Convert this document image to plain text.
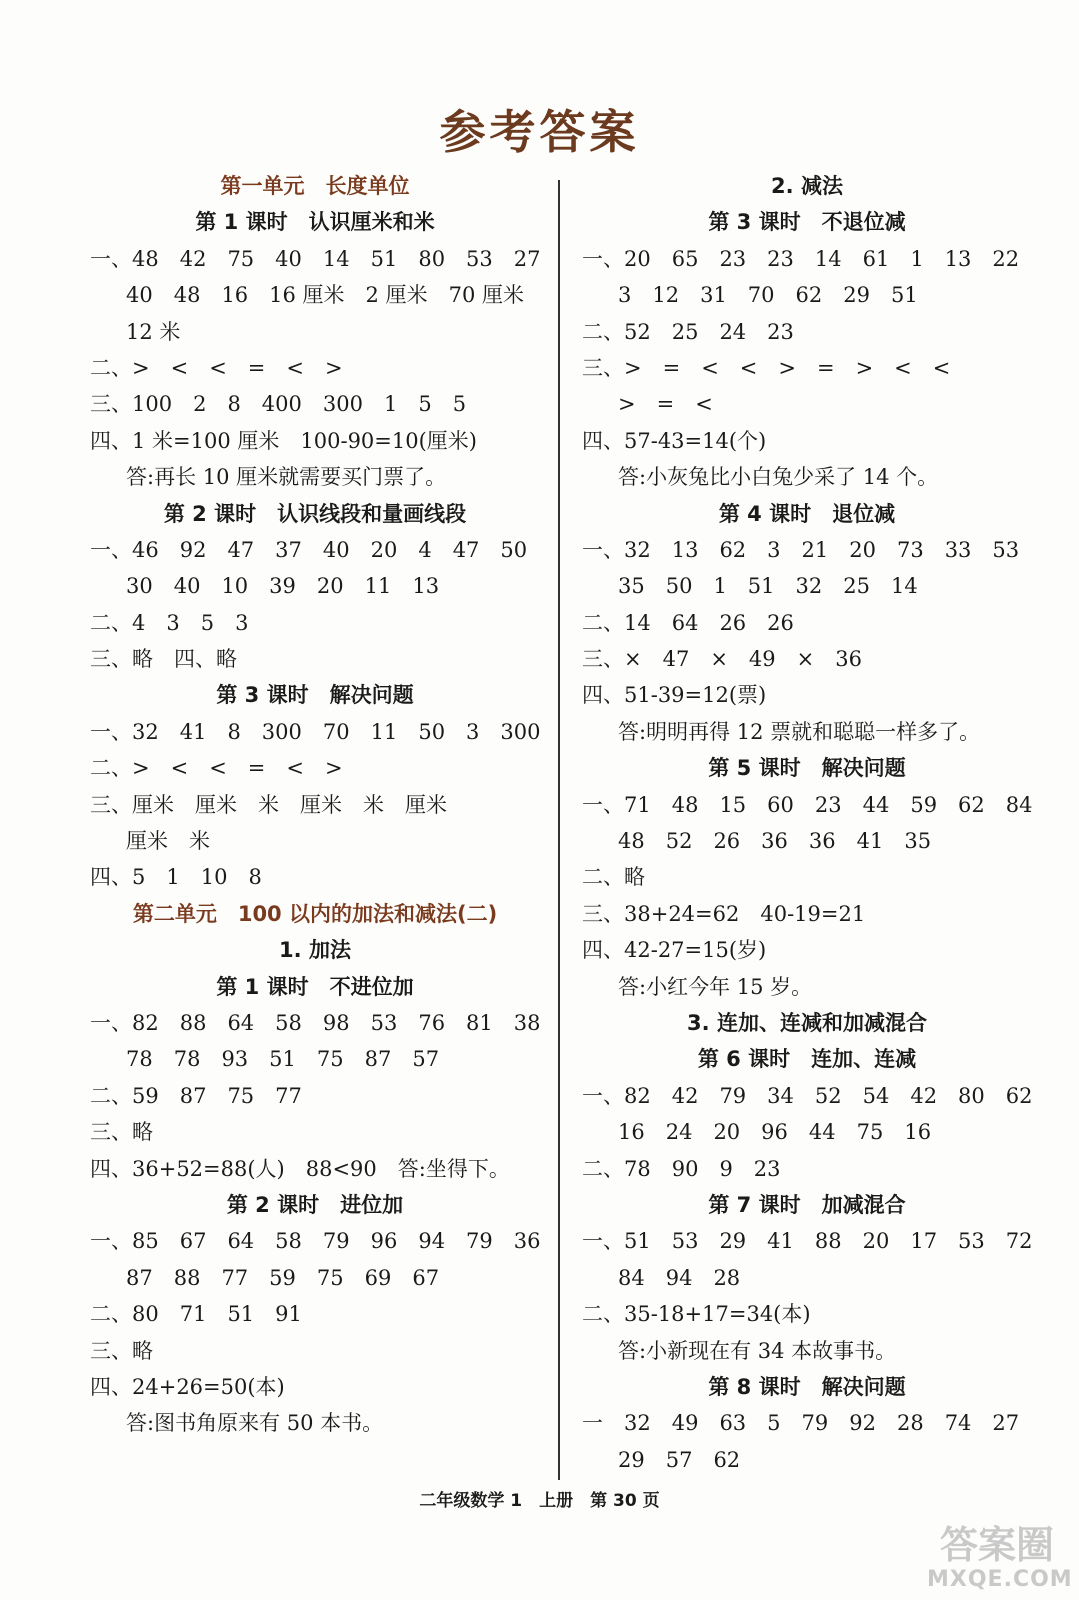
参考答案
第一单元　长度单位
第 1 课时　认识厘米和米
一、48　42　75　40　14　51　80　53　27
40　48　16　16 厘米　2 厘米　70 厘米
12 米
二、>　<　<　=　<　>
三、100　2　8　400　300　1　5　5
四、1 米=100 厘米　100-90=10(厘米)
答:再长 10 厘米就需要买门票了。
第 2 课时　认识线段和量画线段
一、46　92　47　37　40　20　4　47　50
30　40　10　39　20　11　13
二、4　3　5　3
三、略　四、略
第 3 课时　解决问题
一、32　41　8　300　70　11　50　3　300
二、>　<　<　=　<　>
三、厘米　厘米　米　厘米　米　厘米
厘米　米
四、5　1　10　8
第二单元　100 以内的加法和减法(二)
1. 加法
第 1 课时　不进位加
一、82　88　64　58　98　53　76　81　38
78　78　93　51　75　87　57
二、59　87　75　77
三、略
四、36+52=88(人)　88<90　答:坐得下。
第 2 课时　进位加
一、85　67　64　58　79　96　94　79　36
87　88　77　59　75　69　67
二、80　71　51　91
三、略
四、24+26=50(本)
答:图书角原来有 50 本书。
2. 减法
第 3 课时　不退位减
一、20　65　23　23　14　61　1　13　22
3　12　31　70　62　29　51
二、52　25　24　23
三、>　=　<　<　>　=　>　<　<
>　=　<
四、57-43=14(个)
答:小灰兔比小白兔少采了 14 个。
第 4 课时　退位减
一、32　13　62　3　21　20　73　33　53
35　50　1　51　32　25　14
二、14　64　26　26
三、×　47　×　49　×　36
四、51-39=12(票)
答:明明再得 12 票就和聪聪一样多了。
第 5 课时　解决问题
一、71　48　15　60　23　44　59　62　84
48　52　26　36　36　41　35
二、略
三、38+24=62　40-19=21
四、42-27=15(岁)
答:小红今年 15 岁。
3. 连加、连减和加减混合
第 6 课时　连加、连减
一、82　42　79　34　52　54　42　80　62
16　24　20　96　44　75　16
二、78　90　9　23
第 7 课时　加减混合
一、51　53　29　41　88　20　17　53　72
84　94　28
二、35-18+17=34(本)
答:小新现在有 34 本故事书。
第 8 课时　解决问题
一　32　49　63　5　79　92　28　74　27
29　57　62
二年级数学 1　上册　第 30 页
答案圈
MXQE.COM
